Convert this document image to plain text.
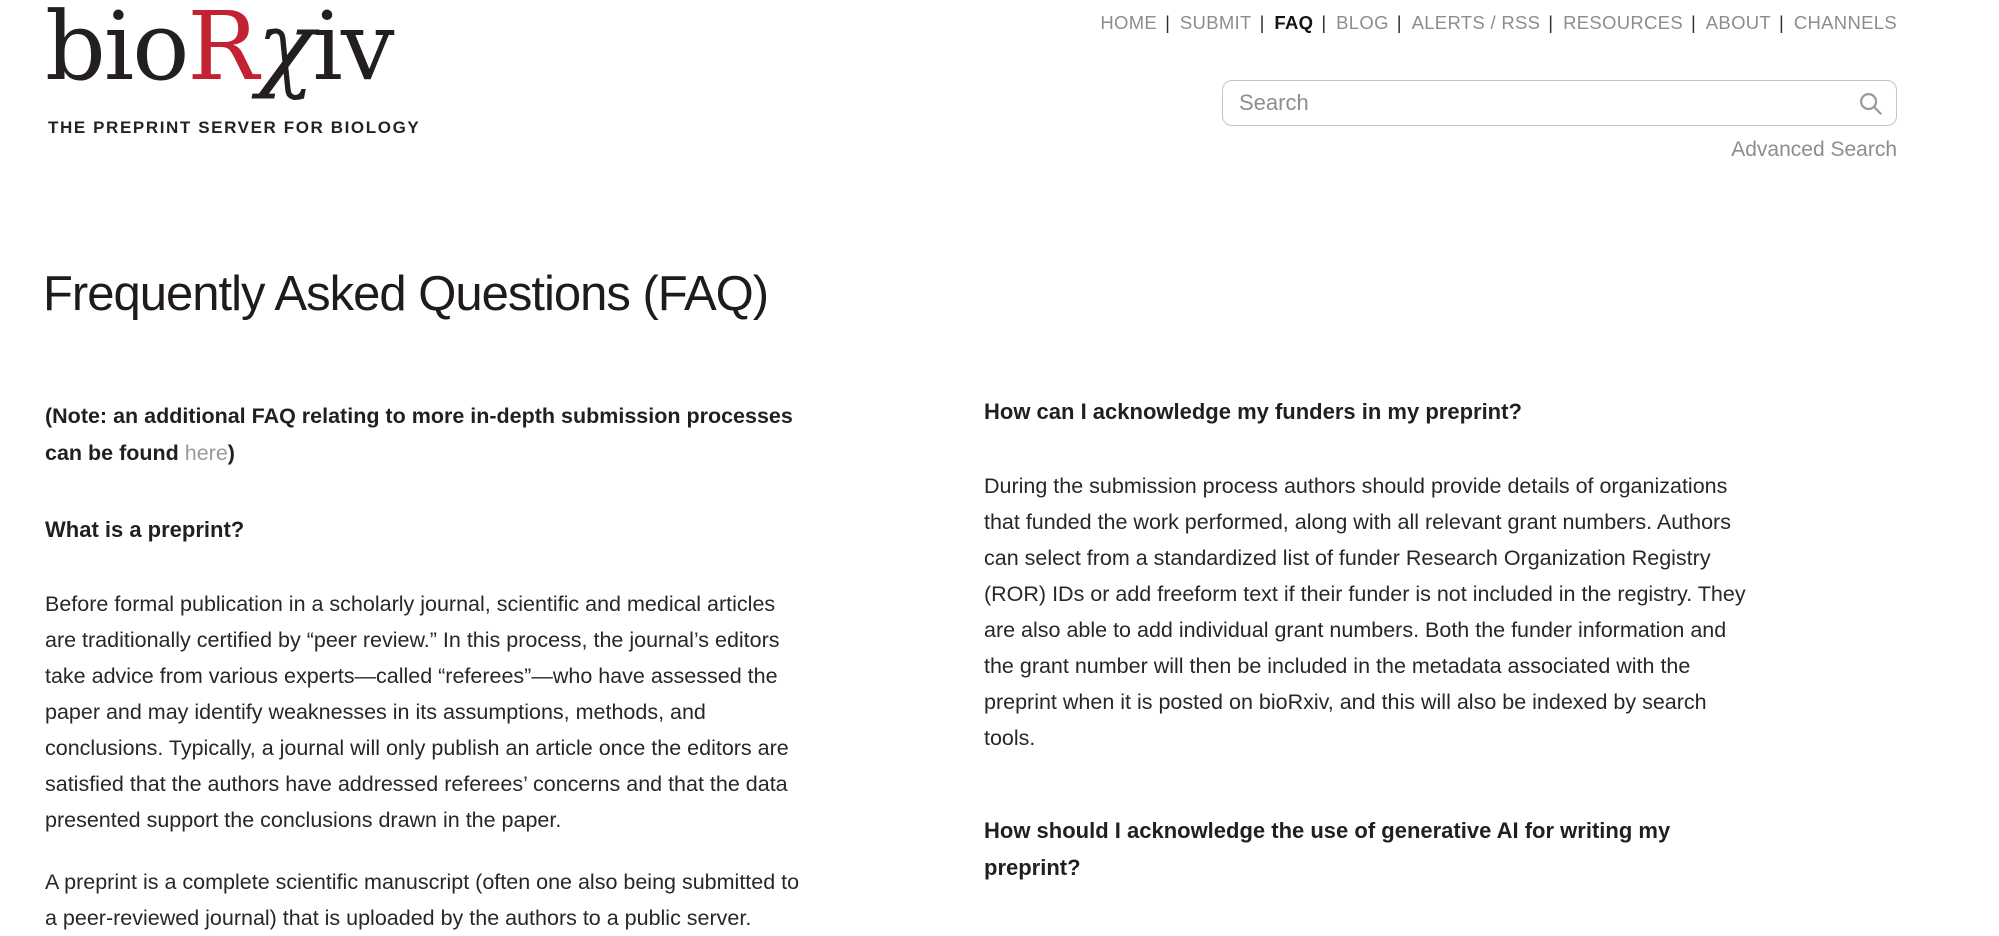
bioRχiv
THE PREPRINT SERVER FOR BIOLOGY
HOME | SUBMIT | FAQ | BLOG | ALERTS / RSS | RESOURCES | ABOUT | CHANNELS
Search
Advanced Search
Frequently Asked Questions (FAQ)

(Note: an additional FAQ relating to more in-depth submission processes can be found here)

What is a preprint?

Before formal publication in a scholarly journal, scientific and medical articles are traditionally certified by “peer review.” In this process, the journal’s editors take advice from various experts—called “referees”—who have assessed the paper and may identify weaknesses in its assumptions, methods, and conclusions. Typically, a journal will only publish an article once the editors are satisfied that the authors have addressed referees’ concerns and that the data presented support the conclusions drawn in the paper.

A preprint is a complete scientific manuscript (often one also being submitted to a peer-reviewed journal) that is uploaded by the authors to a public server.

How can I acknowledge my funders in my preprint?

During the submission process authors should provide details of organizations that funded the work performed, along with all relevant grant numbers. Authors can select from a standardized list of funder Research Organization Registry (ROR) IDs or add freeform text if their funder is not included in the registry. They are also able to add individual grant numbers. Both the funder information and the grant number will then be included in the metadata associated with the preprint when it is posted on bioRxiv, and this will also be indexed by search tools.

How should I acknowledge the use of generative AI for writing my preprint?
